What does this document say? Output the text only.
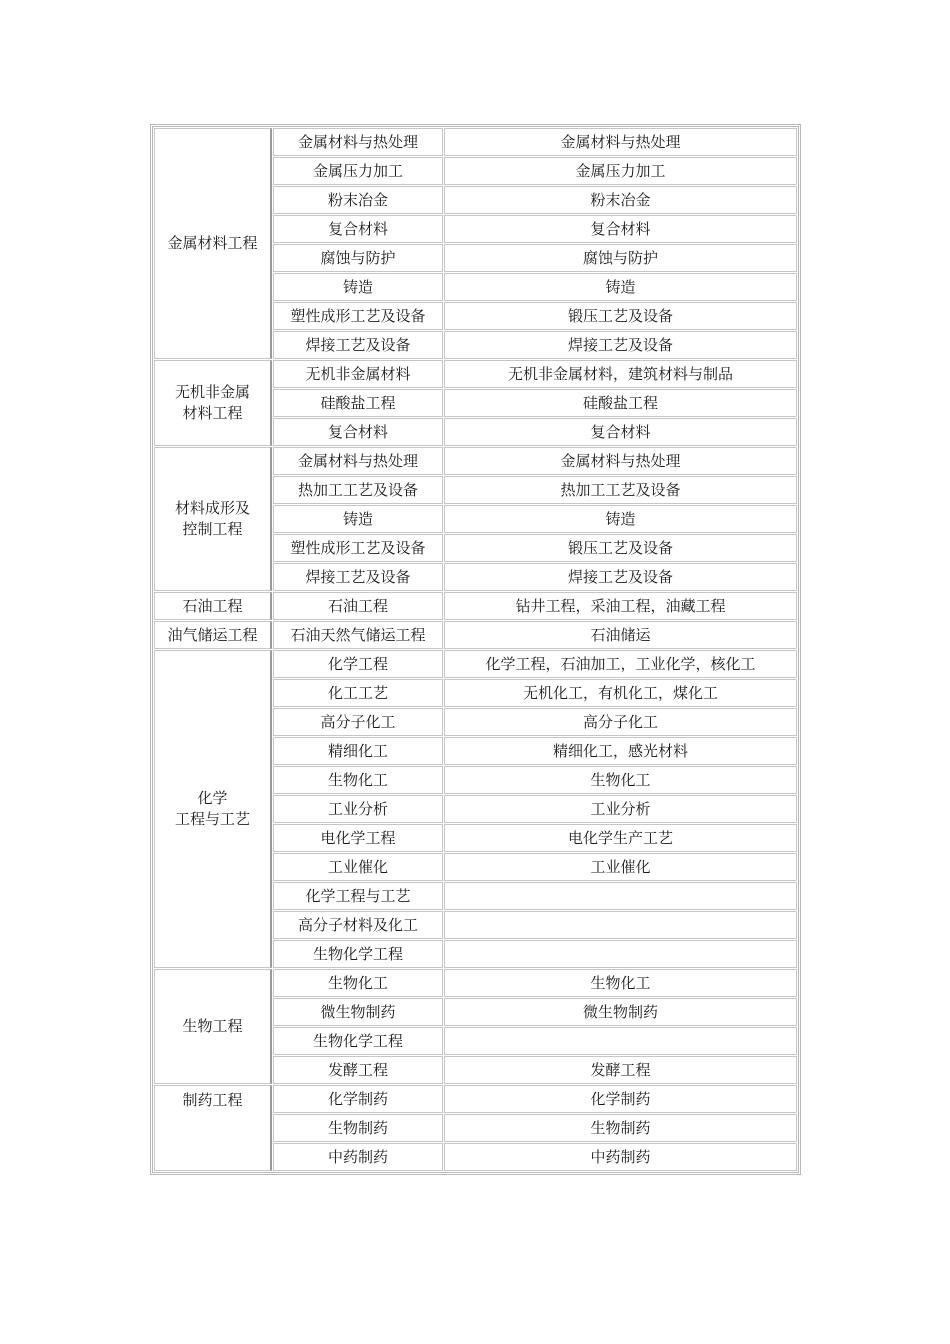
金属材料工程	金属材料与热处理	金属材料与热处理
	金属压力加工	金属压力加工
	粉末冶金	粉末冶金
	复合材料	复合材料
	腐蚀与防护	腐蚀与防护
	铸造	铸造
	塑性成形工艺及设备	锻压工艺及设备
	焊接工艺及设备	焊接工艺及设备
无机非金属
材料工程	无机非金属材料	无机非金属材料，建筑材料与制品
	硅酸盐工程	硅酸盐工程
	复合材料	复合材料
材料成形及
控制工程	金属材料与热处理	金属材料与热处理
	热加工工艺及设备	热加工工艺及设备
	铸造	铸造
	塑性成形工艺及设备	锻压工艺及设备
	焊接工艺及设备	焊接工艺及设备
石油工程	石油工程	钻井工程，采油工程，油藏工程
油气储运工程	石油天然气储运工程	石油储运
化学
工程与工艺	化学工程	化学工程，石油加工，工业化学，核化工
	化工工艺	无机化工，有机化工，煤化工
	高分子化工	高分子化工
	精细化工	精细化工，感光材料
	生物化工	生物化工
	工业分析	工业分析
	电化学工程	电化学生产工艺
	工业催化	工业催化
	化学工程与工艺	
	高分子材料及化工	
	生物化学工程	
生物工程	生物化工	生物化工
	微生物制药	微生物制药
	生物化学工程	
	发酵工程	发酵工程
制药工程	化学制药	化学制药
	生物制药	生物制药
	中药制药	中药制药
